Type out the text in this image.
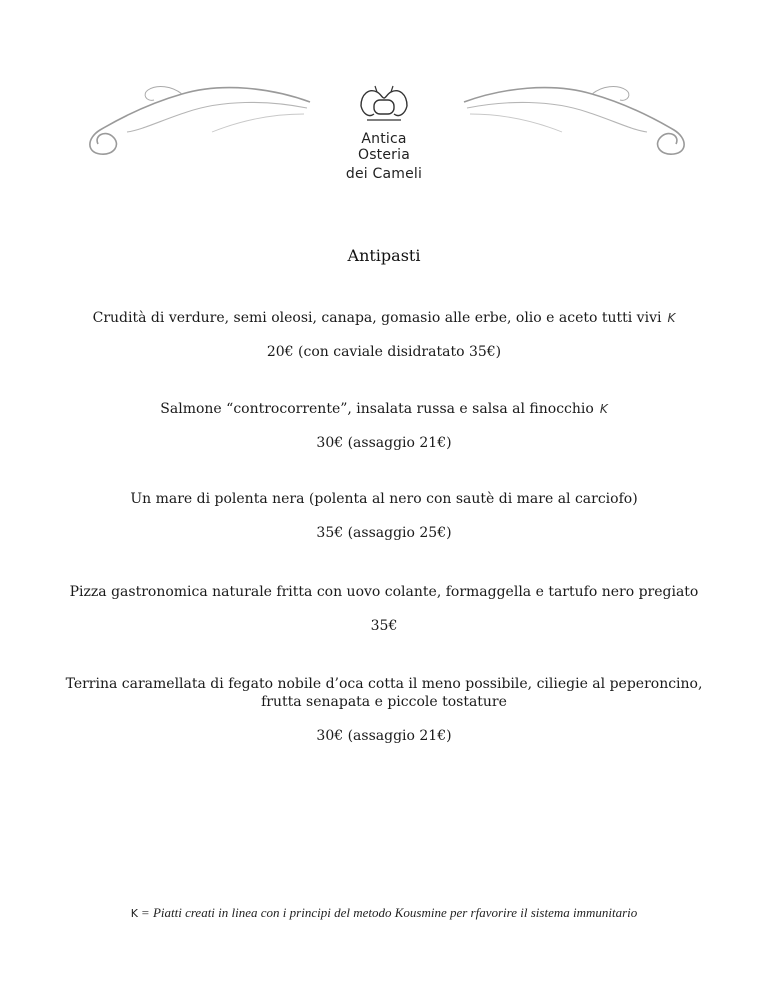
Antica Osteria
dei Cameli
Antipasti
Crudità di verdure, semi oleosi, canapa, gomasio alle erbe, olio e aceto tutti vivi K
20€ (con caviale disidratato 35€)
Salmone “controcorrente”, insalata russa e salsa al finocchio K
30€ (assaggio 21€)
Un mare di polenta nera (polenta al nero con sautè di mare al carciofo)
35€ (assaggio 25€)
Pizza gastronomica naturale fritta con uovo colante, formaggella e tartufo nero pregiato
35€
Terrina caramellata di fegato nobile d’oca cotta il meno possibile, ciliegie al peperoncino,
frutta senapata e piccole tostature
30€ (assaggio 21€)
K = Piatti creati in linea con i principi del metodo Kousmine per rfavorire il sistema immunitario
